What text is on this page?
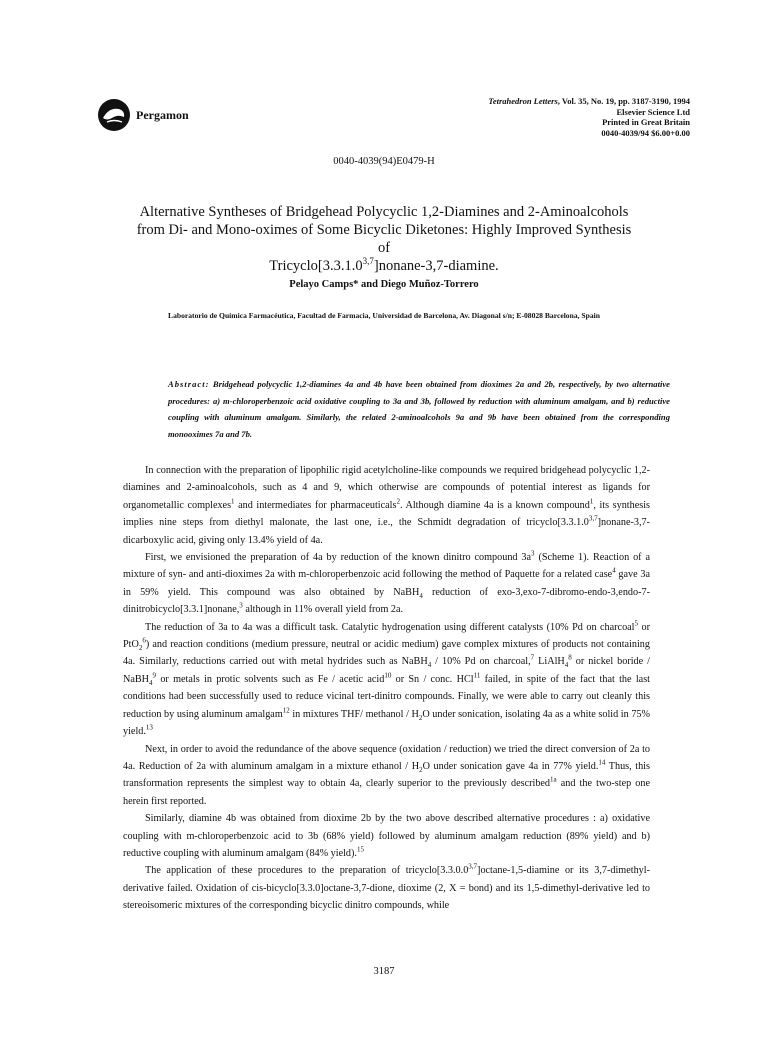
Pergamon
Tetrahedron Letters, Vol. 35, No. 19, pp. 3187-3190, 1994
Elsevier Science Ltd
Printed in Great Britain
0040-4039/94 $6.00+0.00
0040-4039(94)E0479-H
Alternative Syntheses of Bridgehead Polycyclic 1,2-Diamines and 2-Aminoalcohols
from Di- and Mono-oximes of Some Bicyclic Diketones: Highly Improved Synthesis of
Tricyclo[3.3.1.0$^{3,7}$]nonane-3,7-diamine.
Pelayo Camps* and Diego Muñoz-Torrero
Laboratorio de Química Farmacéutica, Facultad de Farmacia, Universidad de Barcelona, Av. Diagonal s/n; E-08028 Barcelona, Spain
Abstract: Bridgehead polycyclic 1,2-diamines 4a and 4b have been obtained from dioximes 2a and 2b, respectively, by two alternative procedures: a) m-chloroperbenzoic acid oxidative coupling to 3a and 3b, followed by reduction with aluminum amalgam, and b) reductive coupling with aluminum amalgam. Similarly, the related 2-aminoalcohols 9a and 9b have been obtained from the corresponding monooximes 7a and 7b.

In connection with the preparation of lipophilic rigid acetylcholine-like compounds we required bridgehead polycyclic 1,2-diamines and 2-aminoalcohols, such as 4 and 9, which otherwise are compounds of potential interest as ligands for organometallic complexes$^1$ and intermediates for pharmaceuticals$^2$. Although diamine 4a is a known compound$^1$, its synthesis implies nine steps from diethyl malonate, the last one, i.e., the Schmidt degradation of tricyclo[3.3.1.0$^{3,7}$]nonane-3,7-dicarboxylic acid, giving only 13.4% yield of 4a.

First, we envisioned the preparation of 4a by reduction of the known dinitro compound $3a^3$ (Scheme 1). Reaction of a mixture of syn- and anti-dioximes 2a with m-chloroperbenzoic acid following the method of Paquette for a related case$^4$ gave 3a in 59% yield. This compound was also obtained by NaBH$_4$ reduction of exo-3,exo-7-dibromo-endo-3,endo-7-dinitrobicyclo[3.3.1]nonane,$^3$ although in 11% overall yield from 2a.

The reduction of 3a to 4a was a difficult task. Catalytic hydrogenation using different catalysts (10% Pd on charcoal$^5$ or PtO$_2^6$) and reaction conditions (medium pressure, neutral or acidic medium) gave complex mixtures of products not containing 4a. Similarly, reductions carried out with metal hydrides such as NaBH$_4$ / 10% Pd on charcoal,$^7$ LiAlH$_4^8$ or nickel boride / NaBH$_4^9$ or metals in protic solvents such as Fe / acetic acid$^{10}$ or Sn / conc. HCl$^{11}$ failed, in spite of the fact that the last conditions had been successfully used to reduce vicinal tert-dinitro compounds. Finally, we were able to carry out cleanly this reduction by using aluminum amalgam$^{12}$ in mixtures THF/ methanol / $H_2O$ under sonication, isolating 4a as a white solid in 75% yield.$^{13}$

Next, in order to avoid the redundance of the above sequence (oxidation / reduction) we tried the direct conversion of 2a to 4a. Reduction of 2a with aluminum amalgam in a mixture ethanol / $H_2O$ under sonication gave 4a in 77% yield.$^{14}$ Thus, this transformation represents the simplest way to obtain 4a, clearly superior to the previously described$^{1a}$ and the two-step one herein first reported.

Similarly, diamine 4b was obtained from dioxime 2b by the two above described alternative procedures : a) oxidative coupling with m-chloroperbenzoic acid to 3b (68% yield) followed by aluminum amalgam reduction (89% yield) and b) reductive coupling with aluminum amalgam (84% yield).$^{15}$

The application of these procedures to the preparation of tricyclo[3.3.0.0$^{3,7}$]octane-1,5-diamine or its 3,7-dimethyl-derivative failed. Oxidation of cis-bicyclo[3.3.0]octane-3,7-dione, dioxime (2, X = bond) and its 1,5-dimethyl-derivative led to stereoisomeric mixtures of the corresponding bicyclic dinitro compounds, while

3187
